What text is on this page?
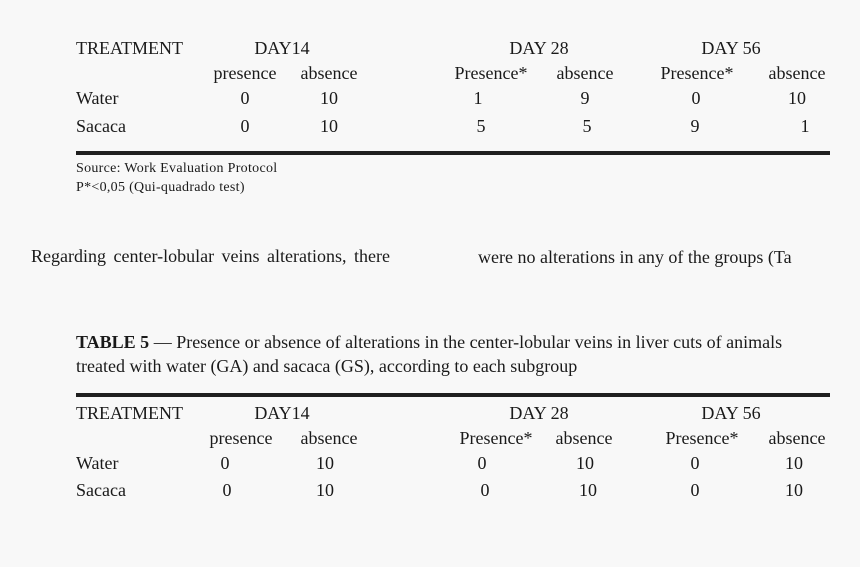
TREATMENT	DAY14	DAY 28	DAY 56
presence	absence	Presence*	absence	Presence*	absence
Water	0	10	1	9	0	10
Sacaca	0	10	5	5	9	1
Source: Work Evaluation Protocol
P*<0,05 (Qui-quadrado test)
Regarding center-lobular veins alterations, there	were no alterations in any of the groups (Ta
TABLE 5 — Presence or absence of alterations in the center-lobular veins in liver cuts of animals treated with water (GA) and sacaca (GS), according to each subgroup
TREATMENT	DAY14	DAY 28	DAY 56
presence	absence	Presence*	absence	Presence*	absence
Water	0	10	0	10	0	10
Sacaca	0	10	0	10	0	10
